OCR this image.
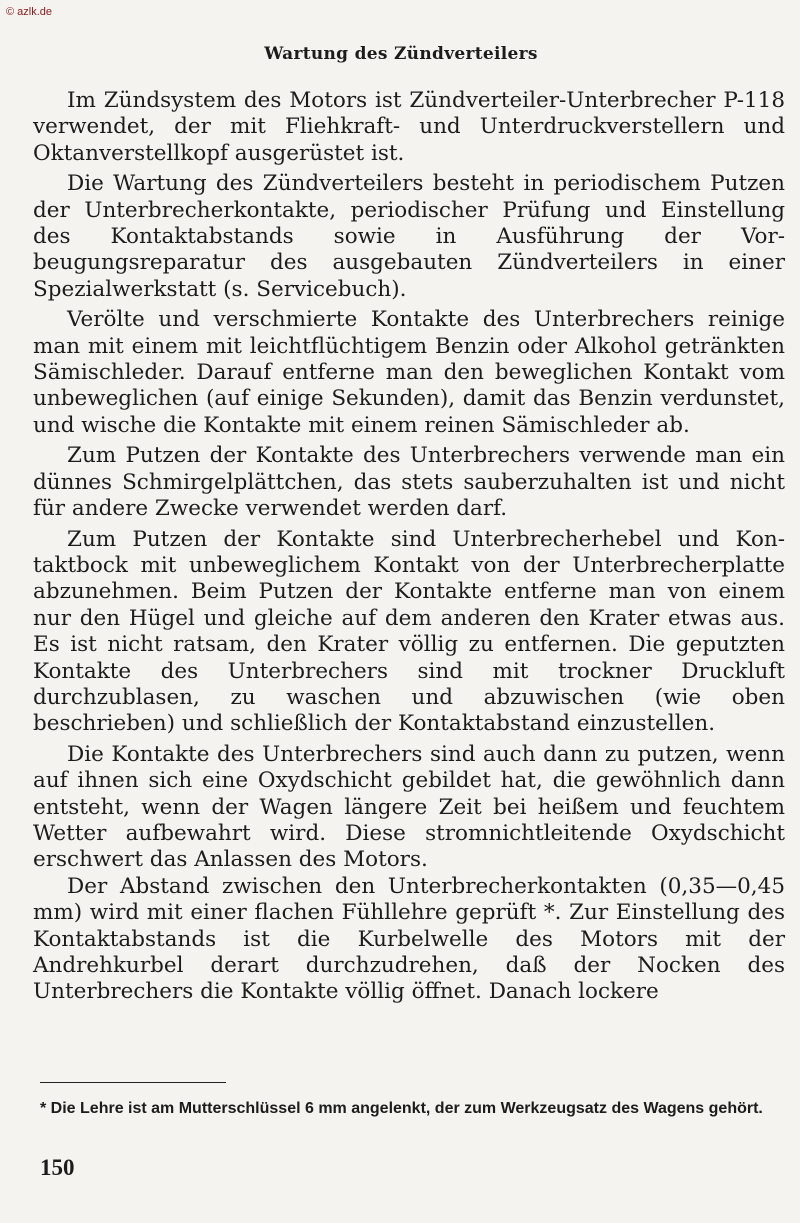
© azlk.de
Wartung des Zündverteilers

Im Zündsystem des Motors ist Zündverteiler-Unterbrecher P-118 verwendet, der mit Fliehkraft- und Unterdruckverstellern und Oktanverstellkopf ausgerüstet ist.

Die Wartung des Zündverteilers besteht in periodischem Putzen der Unterbrecherkontakte, periodischer Prüfung und Einstellung des Kontaktabstands sowie in Ausführung der Vorbeugungsreparatur des ausgebauten Zündverteilers in einer Spezialwerkstatt (s. Servicebuch).

Verölte und verschmierte Kontakte des Unterbrechers reinige man mit einem mit leichtflüchtigem Benzin oder Alkohol getränkten Sämischleder. Darauf entferne man den beweglichen Kontakt vom unbeweglichen (auf einige Sekunden), damit das Benzin verdunstet, und wische die Kontakte mit einem reinen Sämischleder ab.

Zum Putzen der Kontakte des Unterbrechers verwende man ein dünnes Schmirgelplättchen, das stets sauberzuhalten ist und nicht für andere Zwecke verwendet werden darf.

Zum Putzen der Kontakte sind Unterbrecherhebel und Kontaktbock mit unbeweglichem Kontakt von der Unterbrecherplatte abzunehmen. Beim Putzen der Kontakte entferne man von einem nur den Hügel und gleiche auf dem anderen den Krater etwas aus. Es ist nicht ratsam, den Krater völlig zu entfernen. Die geputzten Kontakte des Unterbrechers sind mit trockner Druckluft durchzublasen, zu waschen und abzuwischen (wie oben beschrieben) und schließlich der Kontaktabstand einzustellen.

Die Kontakte des Unterbrechers sind auch dann zu putzen, wenn auf ihnen sich eine Oxydschicht gebildet hat, die gewöhnlich dann entsteht, wenn der Wagen längere Zeit bei heißem und feuchtem Wetter aufbewahrt wird. Diese stromnichtleitende Oxydschicht erschwert das Anlassen des Motors.

Der Abstand zwischen den Unterbrecherkontakten (0,35—0,45 mm) wird mit einer flachen Fühllehre geprüft *. Zur Einstellung des Kontaktabstands ist die Kurbelwelle des Motors mit der Andrehkurbel derart durchzudrehen, daß der Nocken des Unterbrechers die Kontakte völlig öffnet. Danach lockere

* Die Lehre ist am Mutterschlüssel 6 mm angelenkt, der zum Werkzeugsatz des Wagens gehört.
150
